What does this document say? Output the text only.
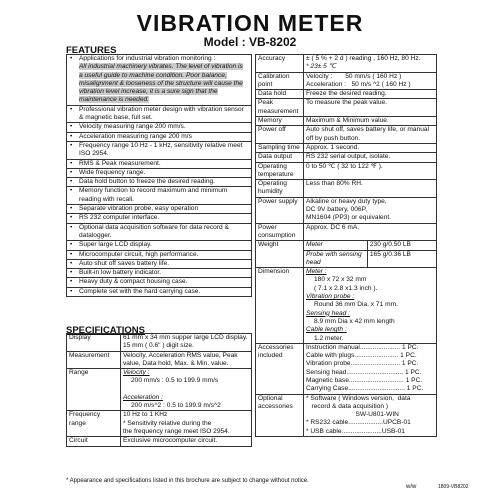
VIBRATION METER
Model : VB-8202
FEATURES
• Applications for industrial vibration monitoring :
All industrial machinery vibrates. The level of vibration is a useful guide to machine condition. Poor balance, misalignment & looseness of the structure will cause the vibration level increase, it is a sure sign that the maintenance is needed.

• Professional vibration meter design with vibration sensor & magnetic base, full set.

• Velocity measuring range 200 mm/s.

• Acceleration measuring range 200 m/s

• Frequency range 10 Hz - 1 kHz, sensitivity relative meet ISO 2954.

• RMS & Peak measurement.

• Wide frequency range.

• Data hold button to freeze the desired reading.

• Memory function to record maximum and minimum reading with recall.

• Separate vibration probe, easy operation

• RS 232 computer interface.

• Optional data acquisition software for data record & datalogger.

• Super large LCD display.

• Microcomputer circuit, high performance.

• Auto shut off saves battery life.

• Built-in low battery indicator.

• Heavy duty & compact housing case.

• Complete set with the hard carrying case.
SPECIFICATIONS
Display	61 mm x 34 mm supper large LCD display.
15 mm ( 0.6" ) digit size.
Measurement	Velocity, Acceleration RMS value, Peak value, Data hold, Max. & Min. value.
Range	Velocity :
200 mm/s : 0.5 to 199.9 mm/s
Acceleration :
200 m/s^2 : 0.5 to 199.9 m/s^2

Frequency range	10 Hz to 1 KHz
* Sensitivity relative during the
the frequency range meet ISO 2954.
Circuit	Exclusive microcomputer circuit.
Accuracy	± ( 5 % + 2 d ) reading , 160 Hz, 80 Hz.
* 23± 5 ℃

Calibration point	Velocity :       50 mm/s ( 160 Hz )
Acceleration :   50 m/s ^2 ( 160 Hz )
Data hold	Freeze the desired reading.
Peak measurement	To measure the peak value.
Memory	Maximum & Minimum value.
Power off	Auto shut off, saves battery life, or manual off by push button.
Sampling time	Approx. 1 second.
Data output	RS 232 serial output, isolate.
Operating temperature	0 to 50 ℃ ( 32 to 122 ℉ ).
Operating humidity	Less than 80% RH.
Power supply	Alkaline or heavy duty type,
DC 9V battery, 006P,
MN1604 (PP3) or equivalent.
Power consumption	Approx. DC 6 mA.
Weight		Meter	230 g/0.50 LB
Probe with sensing head	165 g/0.36 LB

Dimension	Meter :
180 x 72 x 32 mm
( 7.1 x 2.8 x1.3 inch ).
Vibration probe :
Round 36 mm Dia. x 71 mm.
Sensing head :
8.9 mm Dia x 42 mm length
Cable length :
1.2 meter.

Accessories included	
Instruction manual...................... 1 PC.
Cable with plugs........................ 1 PC.
Vibration probe........................... 1 PC.
Sensing head............................... 1 PC.
Magnetic base.............................. 1 PC.
Carrying Case............................... 1 PC.

Optional accessories	
* Software ( Windows version,  data
record & data acquisition )
SW-U801-WIN
* RS232 cable...................UPCB-01
* USB cable......................USB-01
* Appearance and specifications listed in this brochure are subject to change without notice.
w/w	1809-VB8202
